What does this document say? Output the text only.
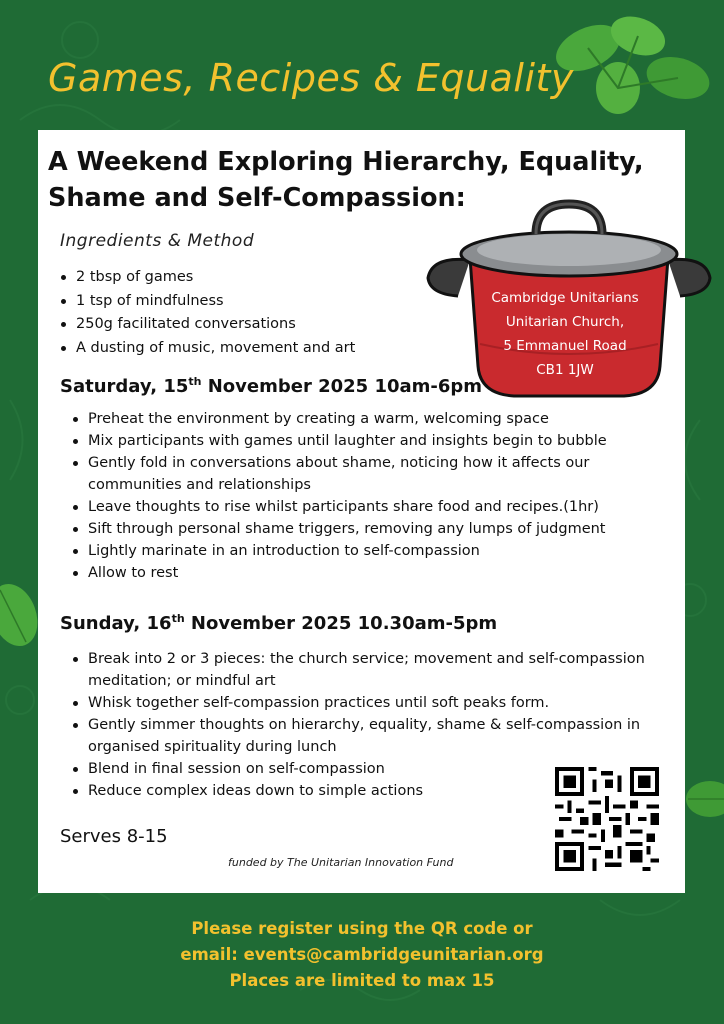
Games, Recipes & Equality
A Weekend Exploring Hierarchy, Equality, Shame and Self-Compassion:
Ingredients & Method
2 tbsp of games
1 tsp of mindfulness
250g facilitated conversations
A dusting of music, movement and art
Cambridge Unitarians
Unitarian Church,
5 Emmanuel Road
CB1 1JW
Saturday, 15th November 2025 10am-6pm
Preheat the environment by creating a warm, welcoming space
Mix participants with games until laughter and insights begin to bubble
Gently fold in conversations about shame, noticing how it affects our communities and relationships
Leave thoughts to rise whilst participants share food and recipes.(1hr)
Sift through personal shame triggers, removing any lumps of judgment
Lightly marinate in an introduction to self-compassion
Allow to rest
Sunday, 16th November 2025 10.30am-5pm
Break into 2 or 3 pieces: the church service; movement and self-compassion meditation; or mindful art
Whisk together self-compassion practices until soft peaks form.
Gently simmer thoughts on hierarchy, equality, shame & self-compassion in organised spirituality during lunch
Blend in final session on self-compassion
Reduce complex ideas down to simple actions
Serves 8-15
funded by The Unitarian Innovation Fund
Please register using the QR code or
email: events@cambridgeunitarian.org
Places are limited to max 15
